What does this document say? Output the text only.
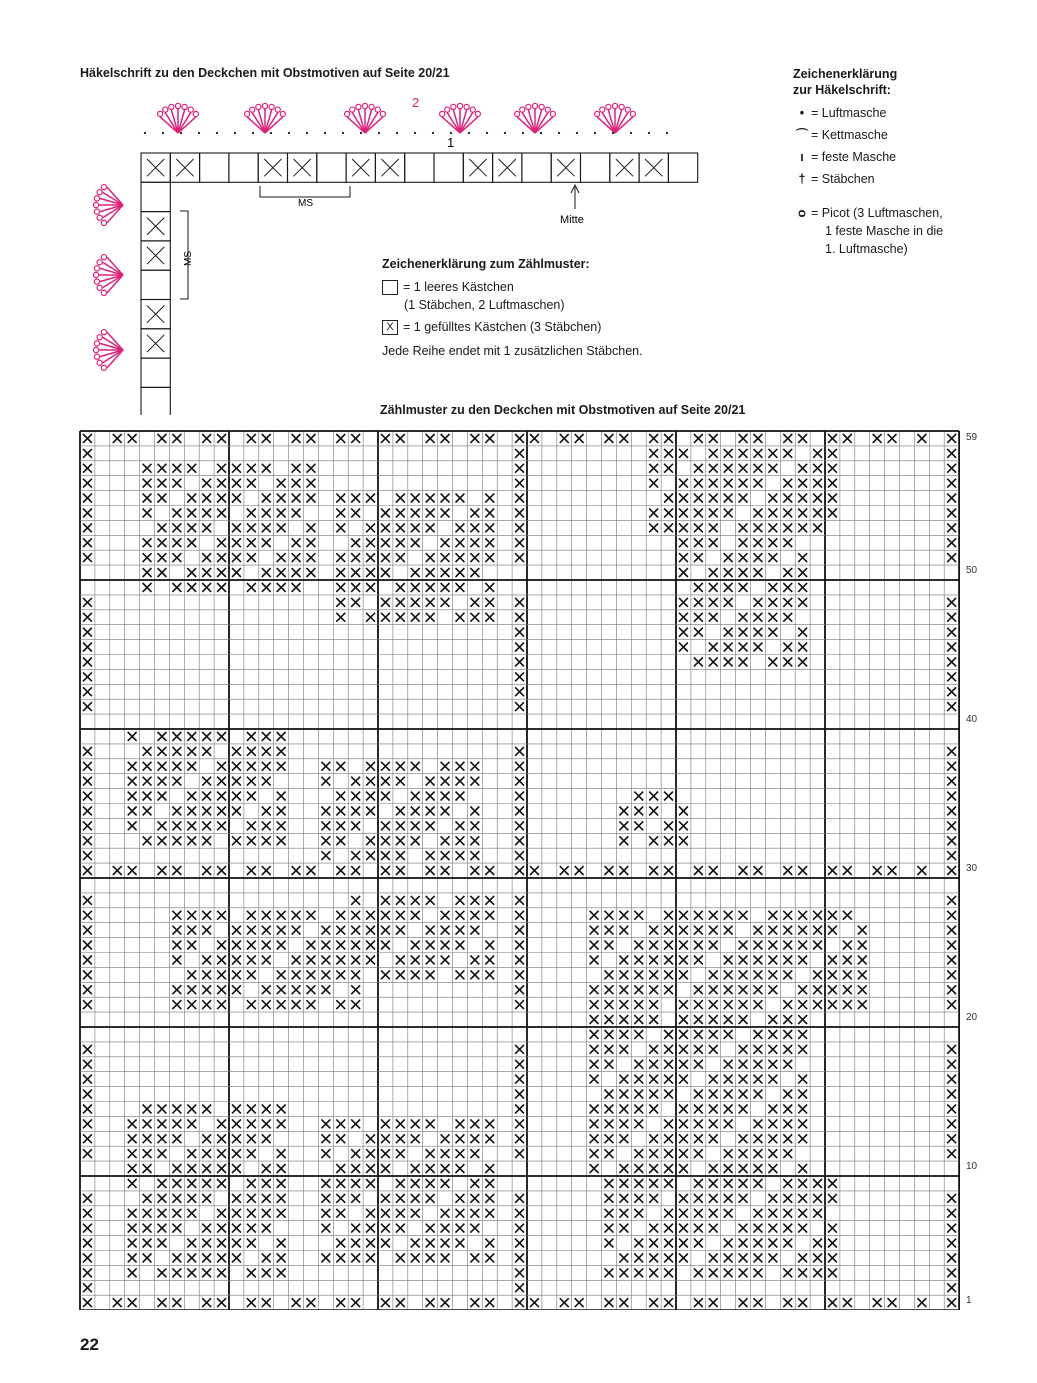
Häkelschrift zu den Deckchen mit Obstmotiven auf Seite 20/21
MS
MS
Mitte
2
1
Zeichenerklärung
zur Häkelschrift:
• = Luftmasche
⌒ = Kettmasche
ı = feste Masche
† = Stäbchen
ᴑ = Picot (3 Luftmaschen,
1 feste Masche in die
1. Luftmasche)
Zeichenerklärung zum Zählmuster:
= 1 leeres Kästchen
(1 Stäbchen, 2 Luftmaschen)
X = 1 gefülltes Kästchen (3 Stäbchen)
Jede Reihe endet mit 1 zusätzlichen Stäbchen.
Zählmuster zu den Deckchen mit Obstmotiven auf Seite 20/21
59
50
40
30
20
10
1
22
